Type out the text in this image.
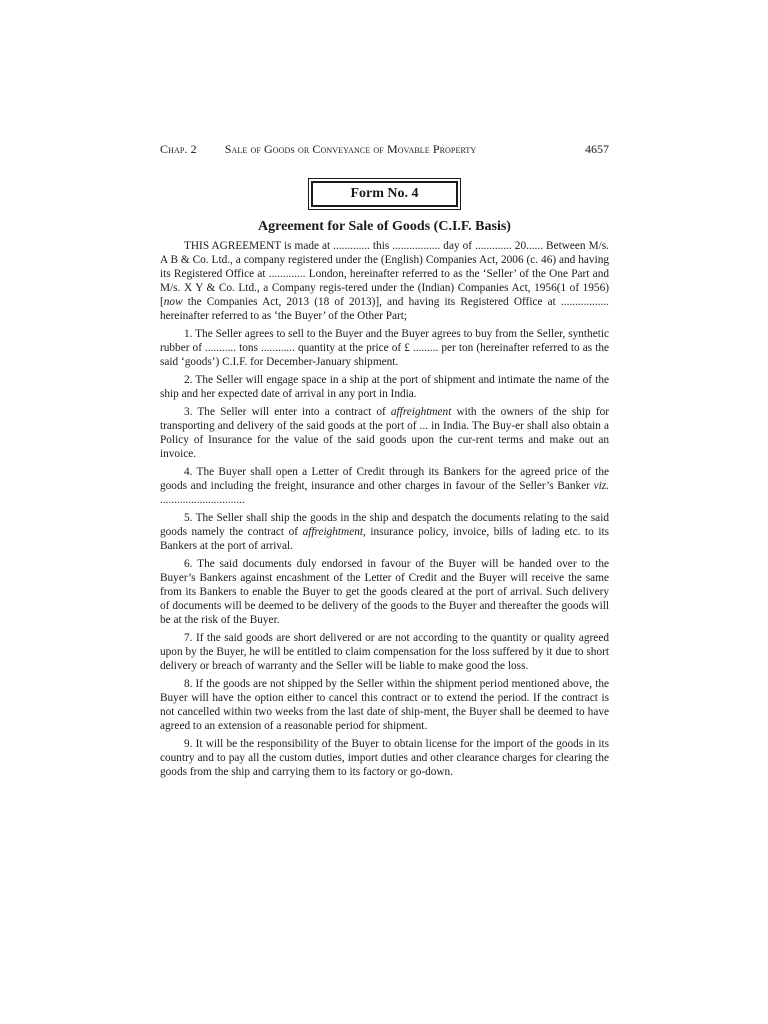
Chap. 2	Sale of Goods or Conveyance of Movable Property	4657
Form No. 4
Agreement for Sale of Goods (C.I.F. Basis)

THIS AGREEMENT is made at ............. this ................. day of ............. 20...... Between M/s. A B & Co. Ltd., a company registered under the (English) Companies Act, 2006 (c. 46) and having its Registered Office at ............. London, hereinafter referred to as the ‘Seller’ of the One Part and M/s. X Y & Co. Ltd., a Company regis-tered under the (Indian) Companies Act, 1956(1 of 1956) [now the Companies Act, 2013 (18 of 2013)], and having its Registered Office at ................. hereinafter referred to as ‘the Buyer’ of the Other Part;

1. The Seller agrees to sell to the Buyer and the Buyer agrees to buy from the Seller, synthetic rubber of ........... tons ............ quantity at the price of £ ......... per ton (hereinafter referred to as the said ‘goods’) C.I.F. for December-January shipment.

2. The Seller will engage space in a ship at the port of shipment and intimate the name of the ship and her expected date of arrival in any port in India.

3. The Seller will enter into a contract of affreightment with the owners of the ship for transporting and delivery of the said goods at the port of ... in India. The Buy-er shall also obtain a Policy of Insurance for the value of the said goods upon the cur-rent terms and make out an invoice.

4. The Buyer shall open a Letter of Credit through its Bankers for the agreed price of the goods and including the freight, insurance and other charges in favour of the Seller’s Banker viz. ..............................

5. The Seller shall ship the goods in the ship and despatch the documents relating to the said goods namely the contract of affreightment, insurance policy, invoice, bills of lading etc. to its Bankers at the port of arrival.

6. The said documents duly endorsed in favour of the Buyer will be handed over to the Buyer’s Bankers against encashment of the Letter of Credit and the Buyer will receive the same from its Bankers to enable the Buyer to get the goods cleared at the port of arrival. Such delivery of documents will be deemed to be delivery of the goods to the Buyer and thereafter the goods will be at the risk of the Buyer.

7. If the said goods are short delivered or are not according to the quantity or quality agreed upon by the Buyer, he will be entitled to claim compensation for the loss suffered by it due to short delivery or breach of warranty and the Seller will be liable to make good the loss.

8. If the goods are not shipped by the Seller within the shipment period mentioned above, the Buyer will have the option either to cancel this contract or to extend the period. If the contract is not cancelled within two weeks from the last date of ship-ment, the Buyer shall be deemed to have agreed to an extension of a reasonable period for shipment.

9. It will be the responsibility of the Buyer to obtain license for the import of the goods in its country and to pay all the custom duties, import duties and other clearance charges for clearing the goods from the ship and carrying them to its factory or go-down.
